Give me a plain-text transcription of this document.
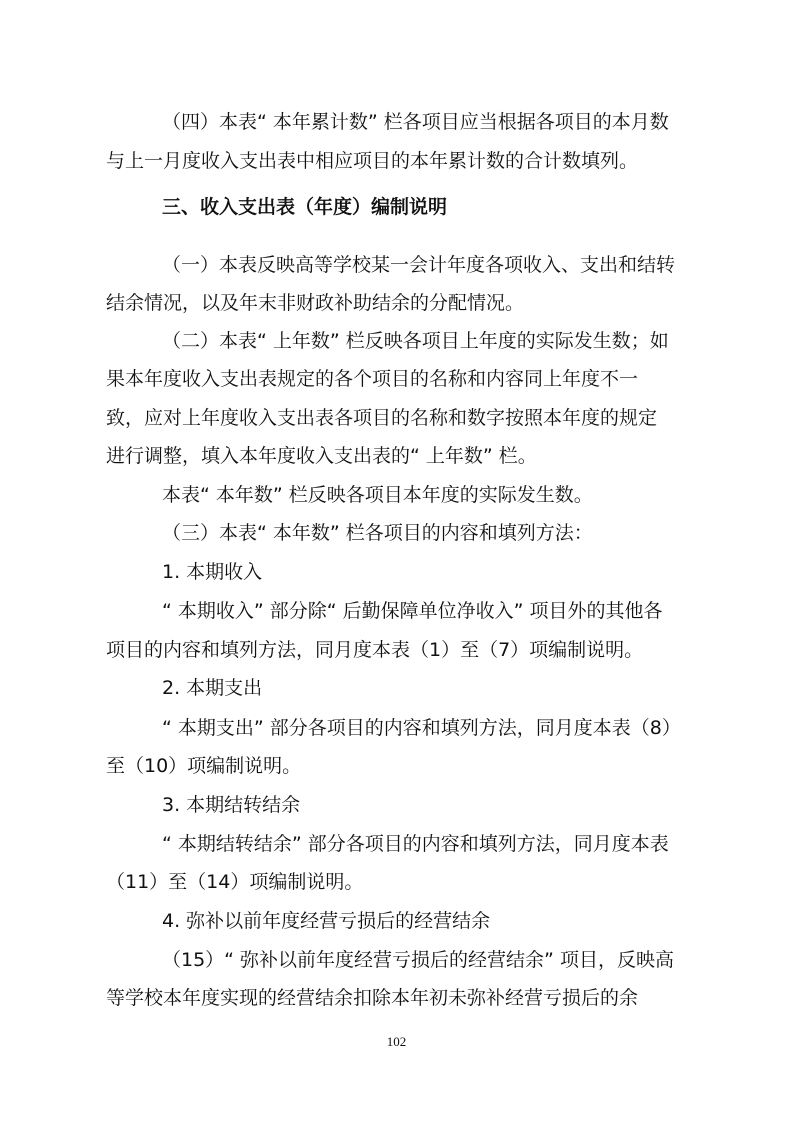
（四）本表“ 本年累计数” 栏各项目应当根据各项目的本月数

与上一月度收入支出表中相应项目的本年累计数的合计数填列。

三、收入支出表（年度）编制说明

（一）本表反映高等学校某一会计年度各项收入、支出和结转

结余情况，以及年末非财政补助结余的分配情况。

（二）本表“ 上年数” 栏反映各项目上年度的实际发生数；如

果本年度收入支出表规定的各个项目的名称和内容同上年度不一

致，应对上年度收入支出表各项目的名称和数字按照本年度的规定

进行调整，填入本年度收入支出表的“ 上年数” 栏。

本表“ 本年数” 栏反映各项目本年度的实际发生数。

（三）本表“ 本年数” 栏各项目的内容和填列方法：

1. 本期收入

“ 本期收入” 部分除“ 后勤保障单位净收入” 项目外的其他各

项目的内容和填列方法，同月度本表（1）至（7）项编制说明。

2. 本期支出

“ 本期支出” 部分各项目的内容和填列方法，同月度本表（8）

至（10）项编制说明。

3. 本期结转结余

“ 本期结转结余” 部分各项目的内容和填列方法，同月度本表

（11）至（14）项编制说明。

4. 弥补以前年度经营亏损后的经营结余

（15）“ 弥补以前年度经营亏损后的经营结余” 项目，反映高

等学校本年度实现的经营结余扣除本年初未弥补经营亏损后的余

102
